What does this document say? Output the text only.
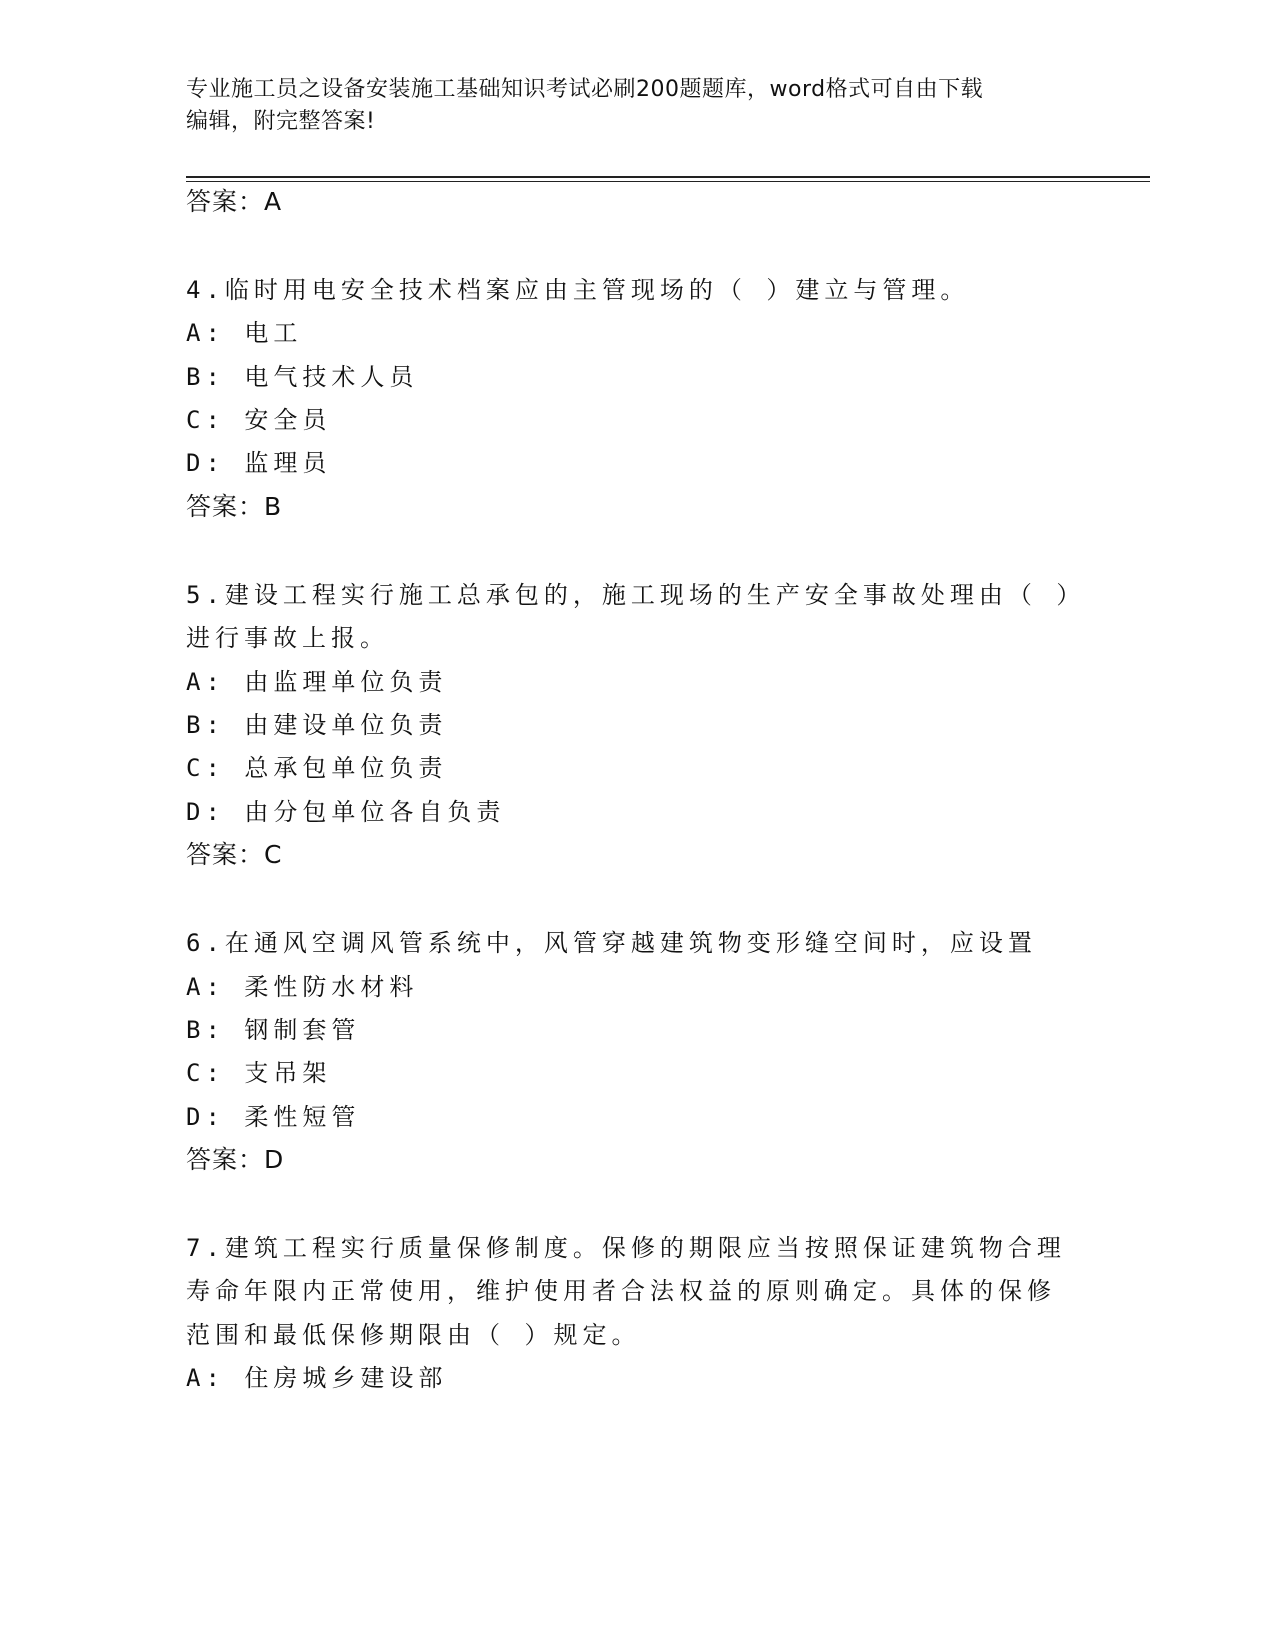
专业施工员之设备安装施工基础知识考试必刷200题题库，word格式可自由下载
编辑，附完整答案!
答案：A
4.临时用电安全技术档案应由主管现场的（ ）建立与管理。
A: 电工
B: 电气技术人员
C: 安全员
D: 监理员
答案：B
5.建设工程实行施工总承包的，施工现场的生产安全事故处理由（ ）
进行事故上报。
A: 由监理单位负责
B: 由建设单位负责
C: 总承包单位负责
D: 由分包单位各自负责
答案：C
6.在通风空调风管系统中，风管穿越建筑物变形缝空间时，应设置
A: 柔性防水材料
B: 钢制套管
C: 支吊架
D: 柔性短管
答案：D
7.建筑工程实行质量保修制度。保修的期限应当按照保证建筑物合理
寿命年限内正常使用，维护使用者合法权益的原则确定。具体的保修
范围和最低保修期限由（ ）规定。
A: 住房城乡建设部
